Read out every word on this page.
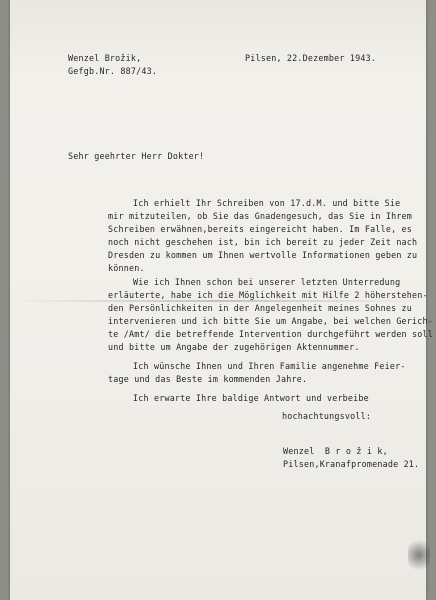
Wenzel Brožik,
Gefgb.Nr. 887/43.
Pilsen, 22.Dezember 1943.
Sehr geehrter Herr Dokter!
Ich erhielt Ihr Schreiben von 17.d.M. und bitte Sie
mir mitzuteilen, ob Sie das Gnadengesuch, das Sie in Ihrem
Schreiben erwähnen,bereits eingereicht haben. Im Falle, es
noch nicht geschehen ist, bin ich bereit zu jeder Zeit nach
Dresden zu kommen um Ihnen wertvolle Informationen geben zu
können.
Wie ich Ihnen schon bei unserer letzten Unterredung
erläuterte, habe ich die Möglichkeit mit Hilfe 2 höherstehen-
den Persönlichkeiten in der Angelegenheit meines Sohnes zu
intervenieren und ich bitte Sie um Angabe, bei welchen Gerich-
te /Amt/ die betreffende Intervention durchgeführt werden soll
und bitte um Angabe der zugehörigen Aktennummer.
Ich wünsche Ihnen und Ihren Familie angenehme Feier-
tage und das Beste im kommenden Jahre.
Ich erwarte Ihre baldige Antwort und verbeibe
hochachtungsvoll:
Wenzel  B r o ž i k,
Pilsen,Kranafpromenade 21.
